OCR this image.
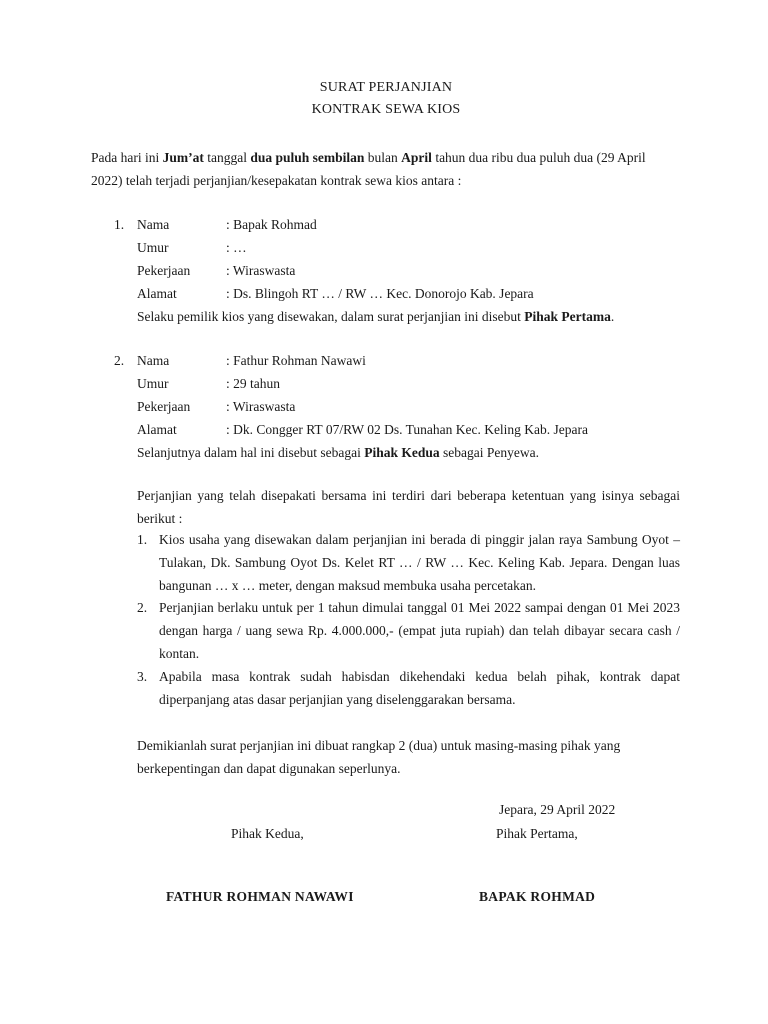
SURAT PERJANJIAN
KONTRAK SEWA KIOS
Pada hari ini Jum’at tanggal dua puluh sembilan bulan April tahun dua ribu dua puluh dua (29 April 2022) telah terjadi perjanjian/kesepakatan kontrak sewa kios antara :
1. Nama	: Bapak Rohmad
Umur	: …
Pekerjaan	: Wiraswasta
Alamat	: Ds. Blingoh RT … / RW … Kec. Donorojo Kab. Jepara
Selaku pemilik kios yang disewakan, dalam surat perjanjian ini disebut Pihak Pertama.
2. Nama	: Fathur Rohman Nawawi
Umur	: 29 tahun
Pekerjaan	: Wiraswasta
Alamat	: Dk. Congger RT 07/RW 02 Ds. Tunahan Kec. Keling Kab. Jepara
Selanjutnya dalam hal ini disebut sebagai Pihak Kedua sebagai Penyewa.
Perjanjian yang telah disepakati bersama ini terdiri dari beberapa ketentuan yang isinya sebagai berikut :
1. Kios usaha yang disewakan dalam perjanjian ini berada di pinggir jalan raya Sambung Oyot – Tulakan, Dk. Sambung Oyot Ds. Kelet RT … / RW … Kec. Keling Kab. Jepara. Dengan luas bangunan … x … meter, dengan maksud membuka usaha percetakan.
2. Perjanjian berlaku untuk per 1 tahun dimulai tanggal 01 Mei 2022 sampai dengan 01 Mei 2023 dengan harga / uang sewa Rp. 4.000.000,- (empat juta rupiah) dan telah dibayar secara cash / kontan.
3. Apabila masa kontrak sudah habisdan dikehendaki kedua belah pihak, kontrak dapat diperpanjang atas dasar perjanjian yang diselenggarakan bersama.
Demikianlah surat perjanjian ini dibuat rangkap 2 (dua) untuk masing-masing pihak yang berkepentingan dan dapat digunakan seperlunya.
Jepara, 29 April 2022
Pihak Kedua,	Pihak Pertama,
FATHUR ROHMAN NAWAWI	BAPAK ROHMAD
